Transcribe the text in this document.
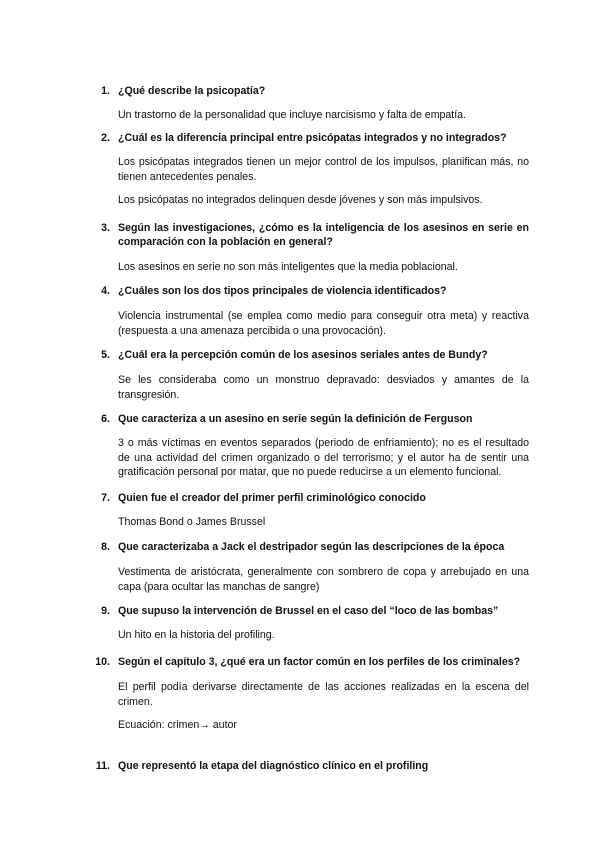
1. ¿Qué describe la psicopatía?
Un trastorno de la personalidad que incluye narcisismo y falta de empatía.
2. ¿Cuál es la diferencia principal entre psicópatas integrados y no integrados?
Los psicópatas integrados tienen un mejor control de los impulsos, planifican más, no tienen antecedentes penales.
Los psicópatas no integrados delinquen desde jóvenes y son más impulsivos.
3. Según las investigaciones, ¿cómo es la inteligencia de los asesinos en serie en comparación con la población en general?
Los asesinos en serie no son más inteligentes que la media poblacional.
4. ¿Cuáles son los dos tipos principales de violencia identificados?
Violencia instrumental (se emplea como medio para conseguir otra meta) y reactiva (respuesta a una amenaza percibida o una provocación).
5. ¿Cuál era la percepción común de los asesinos seriales antes de Bundy?
Se les consideraba como un monstruo depravado: desviados y amantes de la transgresión.
6. Que caracteriza a un asesino en serie según la definición de Ferguson
3 o más víctimas en eventos separados (periodo de enfriamiento); no es el resultado de una actividad del crimen organizado o del terrorismo; y el autor ha de sentir una gratificación personal por matar, que no puede reducirse a un elemento funcional.
7. Quien fue el creador del primer perfil criminológico conocido
Thomas Bond o James Brussel
8. Que caracterizaba a Jack el destripador según las descripciones de la época
Vestimenta de aristócrata, generalmente con sombrero de copa y arrebujado en una capa (para ocultar las manchas de sangre)
9. Que supuso la intervención de Brussel en el caso del “loco de las bombas”
Un hito en la historia del profiling.
10. Según el capítulo 3, ¿qué era un factor común en los perfiles de los criminales?
El perfil podía derivarse directamente de las acciones realizadas en la escena del crimen.
Ecuación: crimen→ autor
11. Que representó la etapa del diagnóstico clínico en el profiling
